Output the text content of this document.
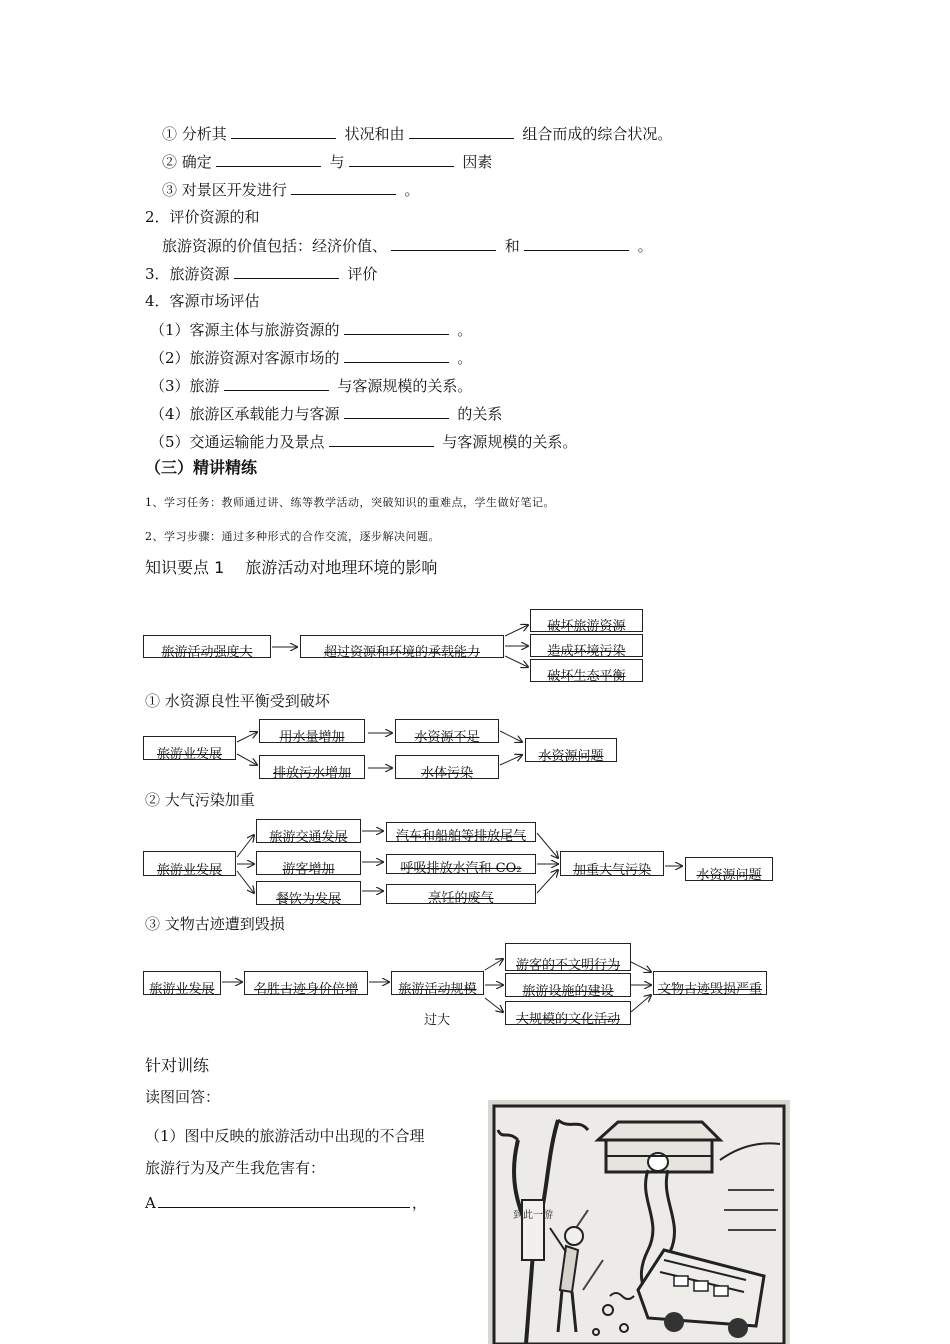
① 分析其	状况和由	组合而成的综合状况。
② 确定	与	因素
③ 对景区开发进行	。
2．评价资源的和
旅游资源的价值包括：经济价值、	和	。
3．旅游资源	评价
4．客源市场评估
（1）客源主体与旅游资源的	。
（2）旅游资源对客源市场的	。
（3）旅游	与客源规模的关系。
（4）旅游区承载能力与客源	的关系
（5）交通运输能力及景点	与客源规模的关系。
（三）精讲精练
1、学习任务：教师通过讲、练等教学活动，突破知识的重难点，学生做好笔记。
2、学习步骤：通过多种形式的合作交流，逐步解决问题。
知识要点 1　 旅游活动对地理环境的影响
旅游活动强度大	超过资源和环境的承载能力
破坏旅游资源
造成环境污染
破坏生态平衡
① 水资源良性平衡受到破坏
旅游业发展
用水量增加	水资源不足
排放污水增加	水体污染
水资源问题
② 大气污染加重
旅游业发展
旅游交通发展
游客增加
餐饮为发展
汽车和船舶等排放尾气
呼吸排放水汽和 CO₂
烹饪的废气
加重大气污染	水资源问题
③ 文物古迹遭到毁损
旅游业发展	名胜古迹身价倍增	旅游活动规模
过大
游客的不文明行为
旅游设施的建设
大规模的文化活动
文物古迹毁损严重
针对训练
读图回答：
（1）图中反映的旅游活动中出现的不合理
旅游行为及产生我危害有：
A	，
到此一游
